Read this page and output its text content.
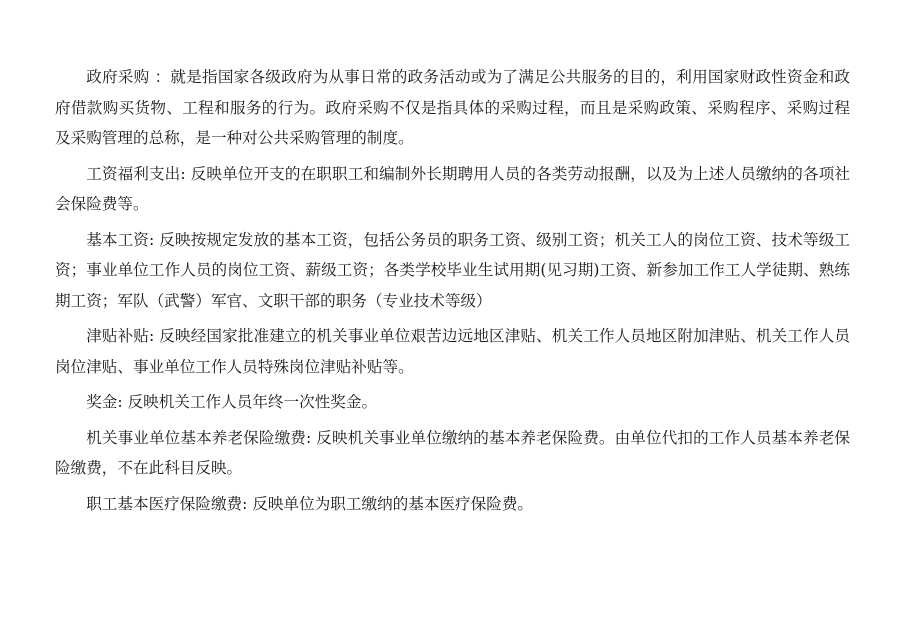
政府采购 ：就是指国家各级政府为从事日常的政务活动或为了满足公共服务的目的，利用国家财政性资金和政府借款购买货物、工程和服务的行为。政府采购不仅是指具体的采购过程，而且是采购政策、采购程序、采购过程及采购管理的总称，是一种对公共采购管理的制度。

工资福利支出: 反映单位开支的在职职工和编制外长期聘用人员的各类劳动报酬，以及为上述人员缴纳的各项社会保险费等。

基本工资: 反映按规定发放的基本工资，包括公务员的职务工资、级别工资；机关工人的岗位工资、技术等级工资；事业单位工作人员的岗位工资、薪级工资；各类学校毕业生试用期(见习期)工资、新参加工作工人学徒期、熟练期工资；军队（武警）军官、文职干部的职务（专业技术等级）

津贴补贴: 反映经国家批准建立的机关事业单位艰苦边远地区津贴、机关工作人员地区附加津贴、机关工作人员岗位津贴、事业单位工作人员特殊岗位津贴补贴等。

奖金: 反映机关工作人员年终一次性奖金。

机关事业单位基本养老保险缴费: 反映机关事业单位缴纳的基本养老保险费。由单位代扣的工作人员基本养老保险缴费，不在此科目反映。

职工基本医疗保险缴费: 反映单位为职工缴纳的基本医疗保险费。
